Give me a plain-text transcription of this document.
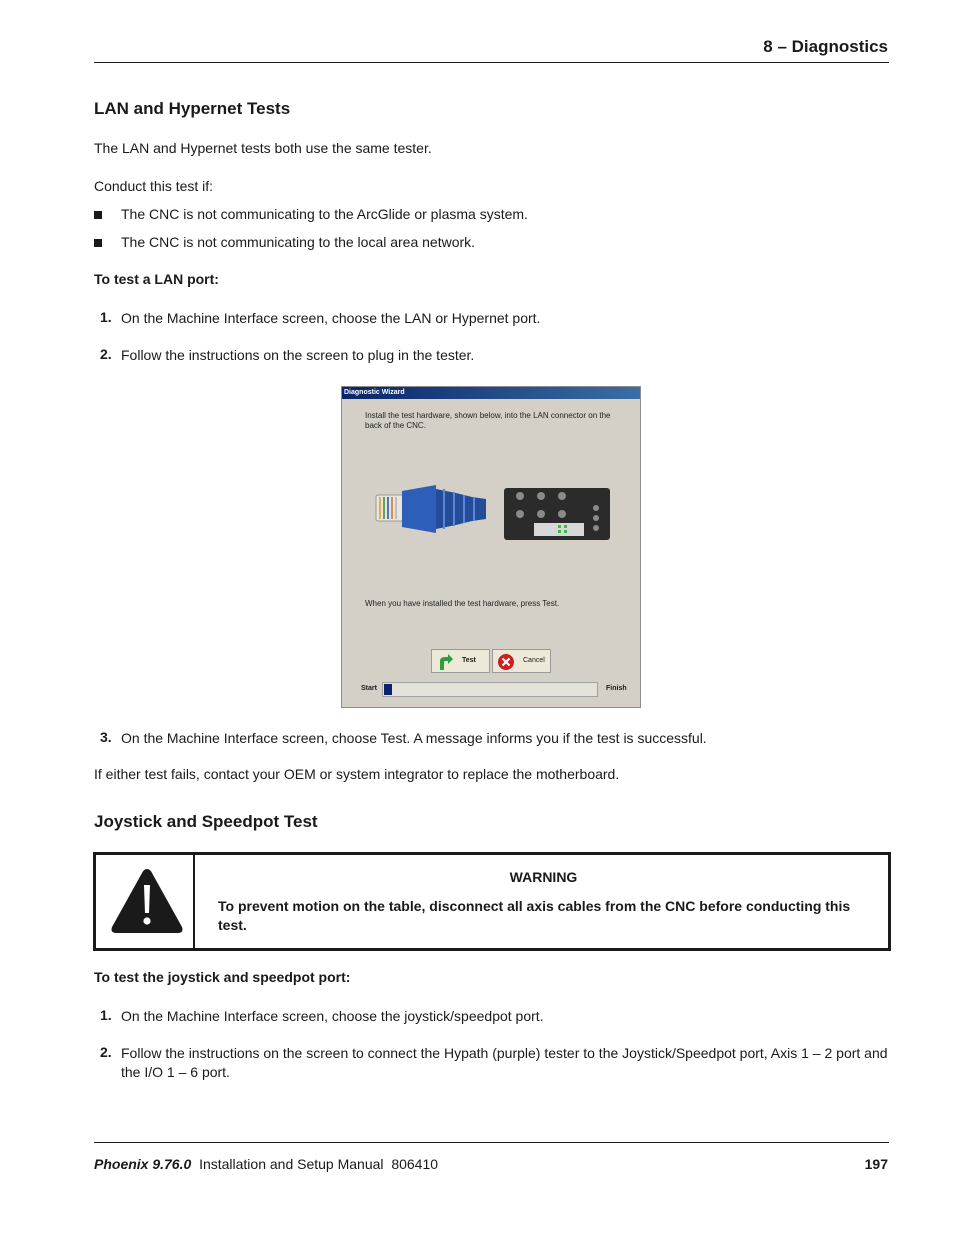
8 – Diagnostics
LAN and Hypernet Tests
The LAN and Hypernet tests both use the same tester.
Conduct this test if:
The CNC is not communicating to the ArcGlide or plasma system.
The CNC is not communicating to the local area network.
To test a LAN port:
1. On the Machine Interface screen, choose the LAN or Hypernet port.
2. Follow the instructions on the screen to plug in the tester.
Diagnostic Wizard
Install the test hardware, shown below, into the LAN connector on the back of the CNC.
When you have installed the test hardware, press Test.
Test	Cancel
Start	Finish
3. On the Machine Interface screen, choose Test. A message informs you if the test is successful.
If either test fails, contact your OEM or system integrator to replace the motherboard.
Joystick and Speedpot Test
WARNING
To prevent motion on the table, disconnect all axis cables from the CNC before conducting this test.
To test the joystick and speedpot port:
1. On the Machine Interface screen, choose the joystick/speedpot port.
2. Follow the instructions on the screen to connect the Hypath (purple) tester to the Joystick/Speedpot port, Axis 1 – 2 port and the I/O 1 – 6 port.
Phoenix 9.76.0 Installation and Setup Manual 806410	197
